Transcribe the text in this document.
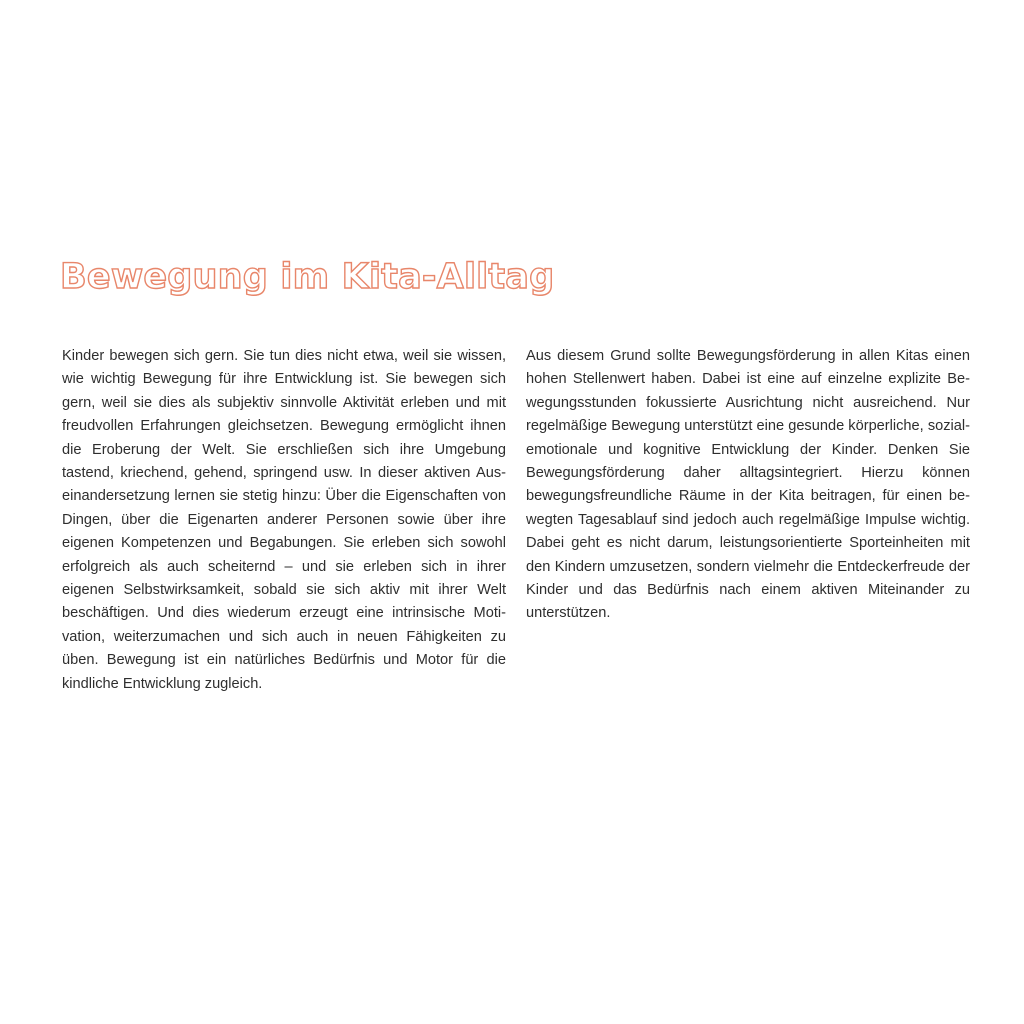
Bewegung im Kita-Alltag

Kinder bewegen sich gern. Sie tun dies nicht etwa, weil sie wissen, wie wichtig Bewegung für ihre Entwicklung ist. Sie bewegen sich gern, weil sie dies als subjektiv sinnvolle Aktivität erleben und mit freudvollen Erfahrungen gleichsetzen. Bewegung ermöglicht ihnen die Eroberung der Welt. Sie erschließen sich ihre Umgebung tastend, kriechend, gehend, springend usw. In dieser aktiven Auseinandersetzung lernen sie stetig hinzu: Über die Eigenschaften von Dingen, über die Eigenarten anderer Personen sowie über ihre eigenen Kompetenzen und Begabungen. Sie erleben sich sowohl erfolgreich als auch scheiternd – und sie erleben sich in ihrer eigenen Selbstwirksamkeit, sobald sie sich aktiv mit ihrer Welt beschäftigen. Und dies wiederum erzeugt eine intrinsische Motivation, weiterzumachen und sich auch in neuen Fähigkeiten zu üben. Bewegung ist ein natürliches Bedürfnis und Motor für die kindliche Entwicklung zugleich.

Aus diesem Grund sollte Bewegungsförderung in allen Kitas einen hohen Stellenwert haben. Dabei ist eine auf einzelne explizite Bewegungsstunden fokussierte Ausrichtung nicht ausreichend. Nur regelmäßige Bewegung unterstützt eine gesunde körperliche, sozial-emotionale und kognitive Entwicklung der Kinder. Denken Sie Bewegungsförderung daher alltagsintegriert. Hierzu können bewegungsfreundliche Räume in der Kita beitragen, für einen bewegten Tagesablauf sind jedoch auch regelmäßige Impulse wichtig. Dabei geht es nicht darum, leistungsorientierte Sporteinheiten mit den Kindern umzusetzen, sondern vielmehr die Entdeckerfreude der Kinder und das Bedürfnis nach einem aktiven Miteinander zu unterstützen.
